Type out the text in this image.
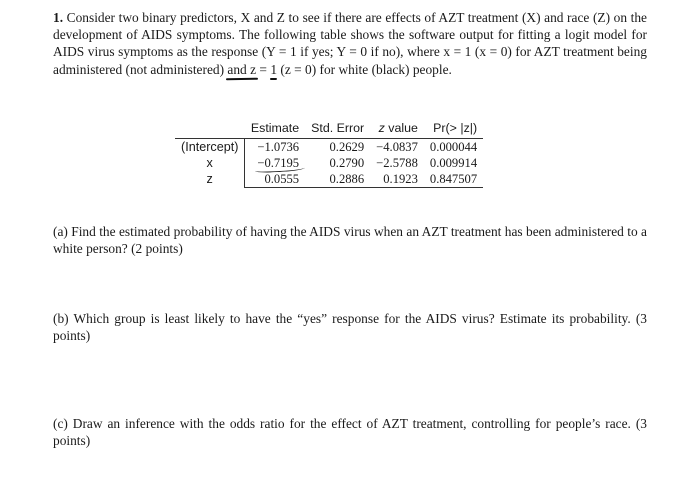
1. Consider two binary predictors, X and Z to see if there are effects of AZT treatment (X) and race (Z) on the development of AIDS symptoms. The following table shows the software output for fitting a logit model for AIDS virus symptoms as the response (Y = 1 if yes; Y = 0 if no), where x = 1 (x = 0) for AZT treatment being administered (not administered) and z = 1 (z = 0) for white (black) people.
	Estimate	Std. Error	z value	Pr(> |z|)
(Intercept)	−1.0736	0.2629	−4.0837	0.000044
x	−0.7195	0.2790	−2.5788	0.009914
z	0.0555	0.2886	0.1923	0.847507
(a) Find the estimated probability of having the AIDS virus when an AZT treatment has been administered to a white person? (2 points)
(b) Which group is least likely to have the “yes” response for the AIDS virus? Estimate its probability. (3 points)
(c) Draw an inference with the odds ratio for the effect of AZT treatment, controlling for people’s race. (3 points)
